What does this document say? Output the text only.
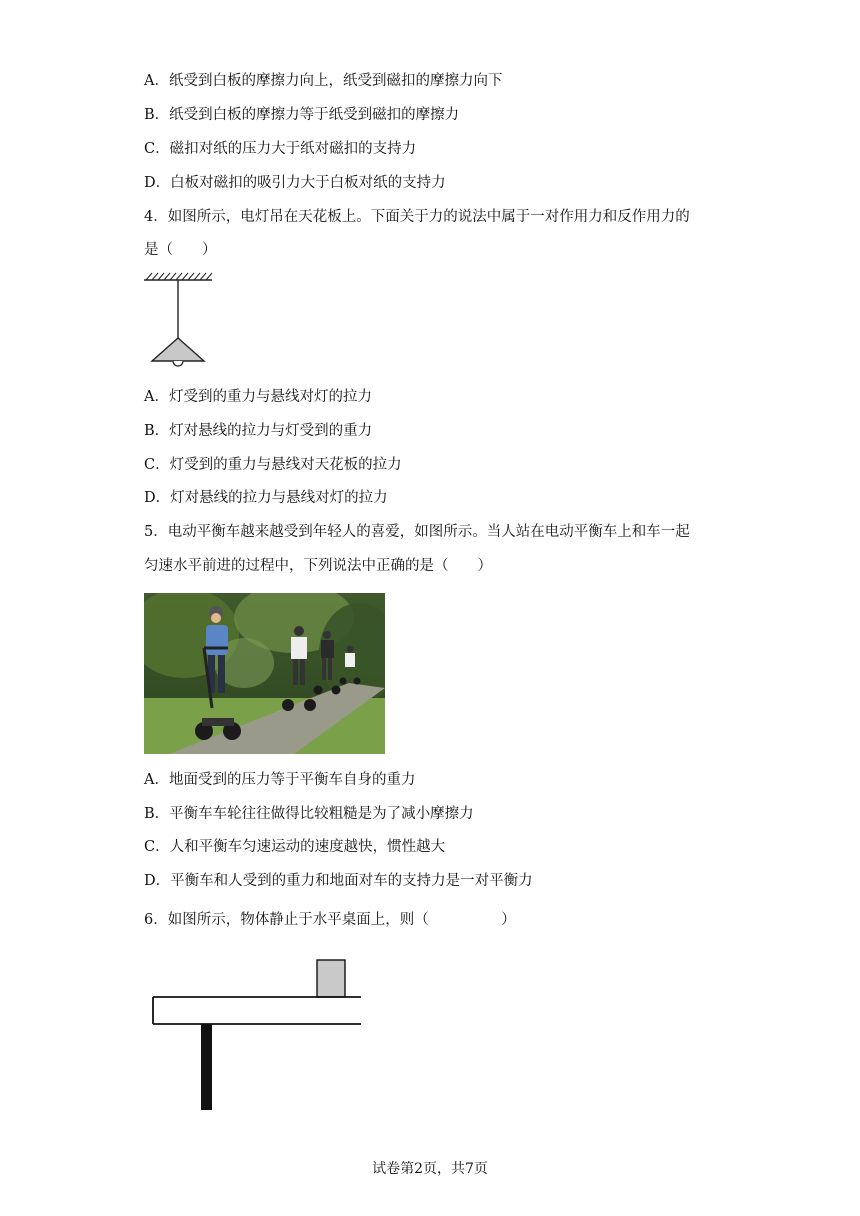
A．纸受到白板的摩擦力向上，纸受到磁扣的摩擦力向下
B．纸受到白板的摩擦力等于纸受到磁扣的摩擦力
C．磁扣对纸的压力大于纸对磁扣的支持力
D．白板对磁扣的吸引力大于白板对纸的支持力
4．如图所示，电灯吊在天花板上。下面关于力的说法中属于一对作用力和反作用力的
是（　　）
A．灯受到的重力与悬线对灯的拉力
B．灯对悬线的拉力与灯受到的重力
C．灯受到的重力与悬线对天花板的拉力
D．灯对悬线的拉力与悬线对灯的拉力
5．电动平衡车越来越受到年轻人的喜爱，如图所示。当人站在电动平衡车上和车一起
匀速水平前进的过程中，下列说法中正确的是（　　）
A．地面受到的压力等于平衡车自身的重力
B．平衡车车轮往往做得比较粗糙是为了减小摩擦力
C．人和平衡车匀速运动的速度越快，惯性越大
D．平衡车和人受到的重力和地面对车的支持力是一对平衡力
6．如图所示，物体静止于水平桌面上，则（　　　　　）
试卷第2页，共7页
